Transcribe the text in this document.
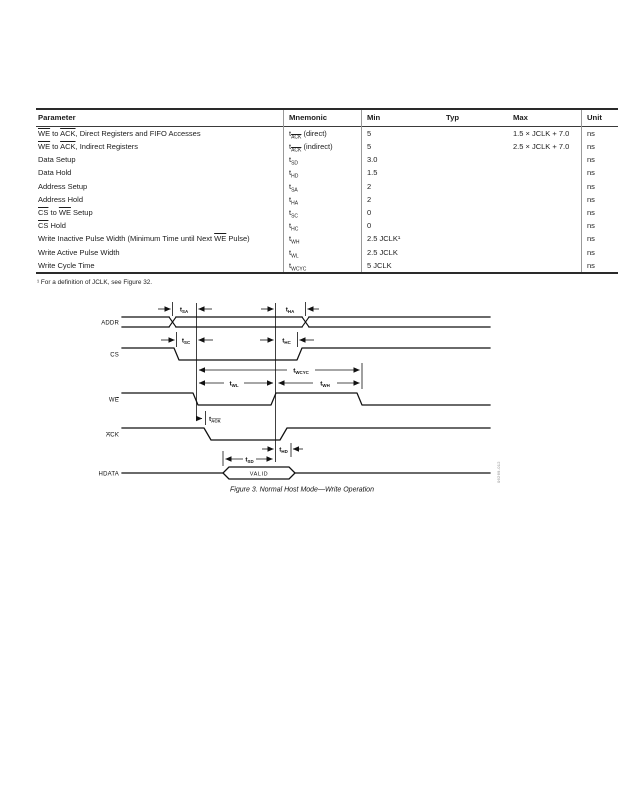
Parameter	Mnemonic	Min	Typ	Max	Unit
$\overline{WE}$ to $\overline{ACK}$, Direct Registers and FIFO Accesses	$t_{\overline{ACK}}$ (direct)	5		1.5 × JCLK + 7.0	ns
$\overline{WE}$ to $\overline{ACK}$, Indirect Registers	$t_{\overline{ACK}}$ (indirect)	5		2.5 × JCLK + 7.0	ns
Data Setup	$t_{SD}$	3.0			ns
Data Hold	$t_{HD}$	1.5			ns
Address Setup	$t_{SA}$	2			ns
Address Hold	$t_{HA}$	2			ns
$\overline{CS}$ to $\overline{WE}$ Setup	$t_{SC}$	0			ns
$\overline{CS}$ Hold	$t_{HC}$	0			ns
Write Inactive Pulse Width (Minimum Time until Next $\overline{WE}$ Pulse)	$t_{WH}$	2.5 JCLK¹			ns
Write Active Pulse Width	$t_{WL}$	2.5 JCLK			ns
Write Cycle Time	$t_{WCYC}$	5 JCLK			ns
¹ For a definition of JCLK, see Figure 32.
$t_{SA}$	$t_{HA}$
$t_{SC}$	$t_{HC}$
$t_{WCYC}$
$t_{WL}$	$t_{WH}$
$t_{ACK}$
$t_{HD}$
$t_{SD}$
VALID
ADDR
CS
WE
ACK
HDATA
Figure 3. Normal Host Mode—Write Operation
06269-012
